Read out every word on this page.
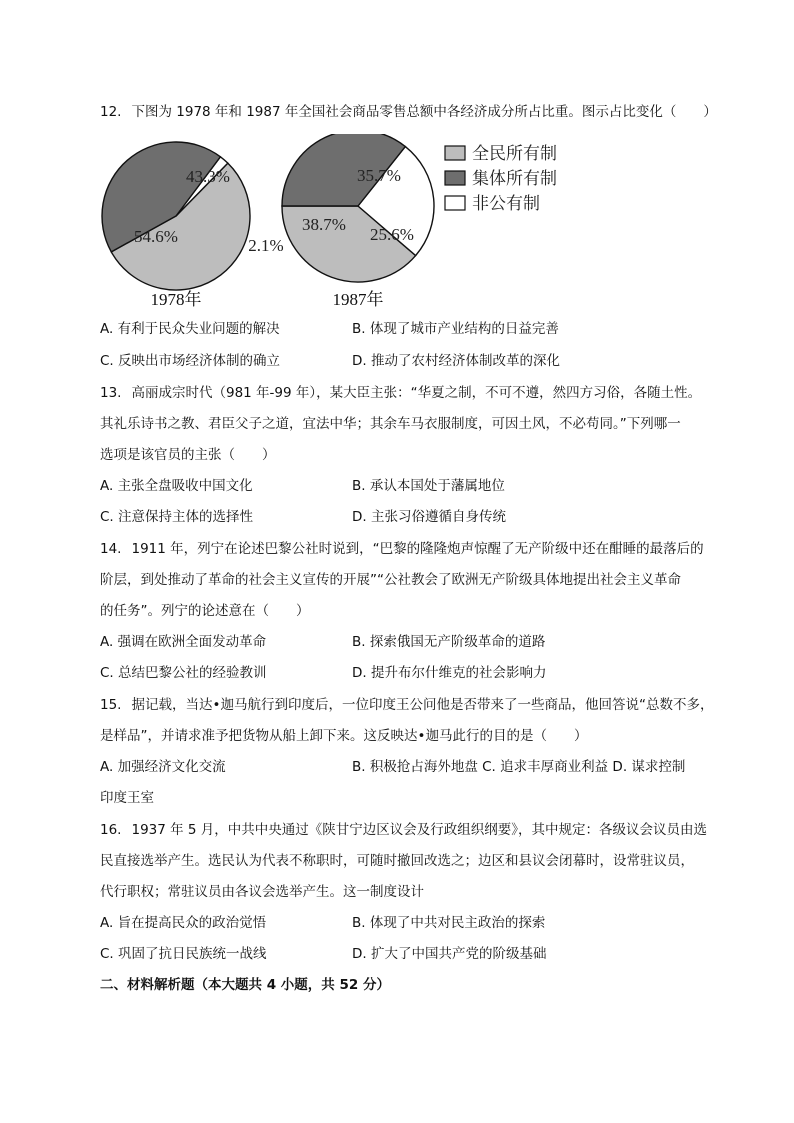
12. 下图为 1978 年和 1987 年全国社会商品零售总额中各经济成分所占比重。图示占比变化（　　）
54.6%
43.3%
2.1%
1978年
38.7%
35.7%
25.6%
1987年
全民所有制
集体所有制
非公有制
A. 有利于民众失业问题的解决	B. 体现了城市产业结构的日益完善
C. 反映出市场经济体制的确立	D. 推动了农村经济体制改革的深化
13. 高丽成宗时代（981 年-99 年），某大臣主张：“华夏之制，不可不遵，然四方习俗，各随土性。
其礼乐诗书之教、君臣父子之道，宜法中华；其余车马衣服制度，可因土风，不必苟同。”下列哪一
选项是该官员的主张（　　）
A. 主张全盘吸收中国文化	B. 承认本国处于藩属地位
C. 注意保持主体的选择性	D. 主张习俗遵循自身传统
14. 1911 年，列宁在论述巴黎公社时说到，“巴黎的隆隆炮声惊醒了无产阶级中还在酣睡的最落后的
阶层，到处推动了革命的社会主义宣传的开展”“公社教会了欧洲无产阶级具体地提出社会主义革命
的任务”。列宁的论述意在（　　）
A. 强调在欧洲全面发动革命	B. 探索俄国无产阶级革命的道路
C. 总结巴黎公社的经验教训	D. 提升布尔什维克的社会影响力
15. 据记载，当达•迦马航行到印度后，一位印度王公问他是否带来了一些商品，他回答说“总数不多，
是样品”，并请求准予把货物从船上卸下来。这反映达•迦马此行的目的是（　　）
A. 加强经济文化交流	B. 积极抢占海外地盘 C. 追求丰厚商业利益 D. 谋求控制
印度王室
16. 1937 年 5 月，中共中央通过《陕甘宁边区议会及行政组织纲要》，其中规定：各级议会议员由选
民直接选举产生。选民认为代表不称职时，可随时撤回改选之；边区和县议会闭幕时，设常驻议员，
代行职权；常驻议员由各议会选举产生。这一制度设计
A. 旨在提高民众的政治觉悟	B. 体现了中共对民主政治的探索
C. 巩固了抗日民族统一战线	D. 扩大了中国共产党的阶级基础
二、材料解析题（本大题共 4 小题，共 52 分）
